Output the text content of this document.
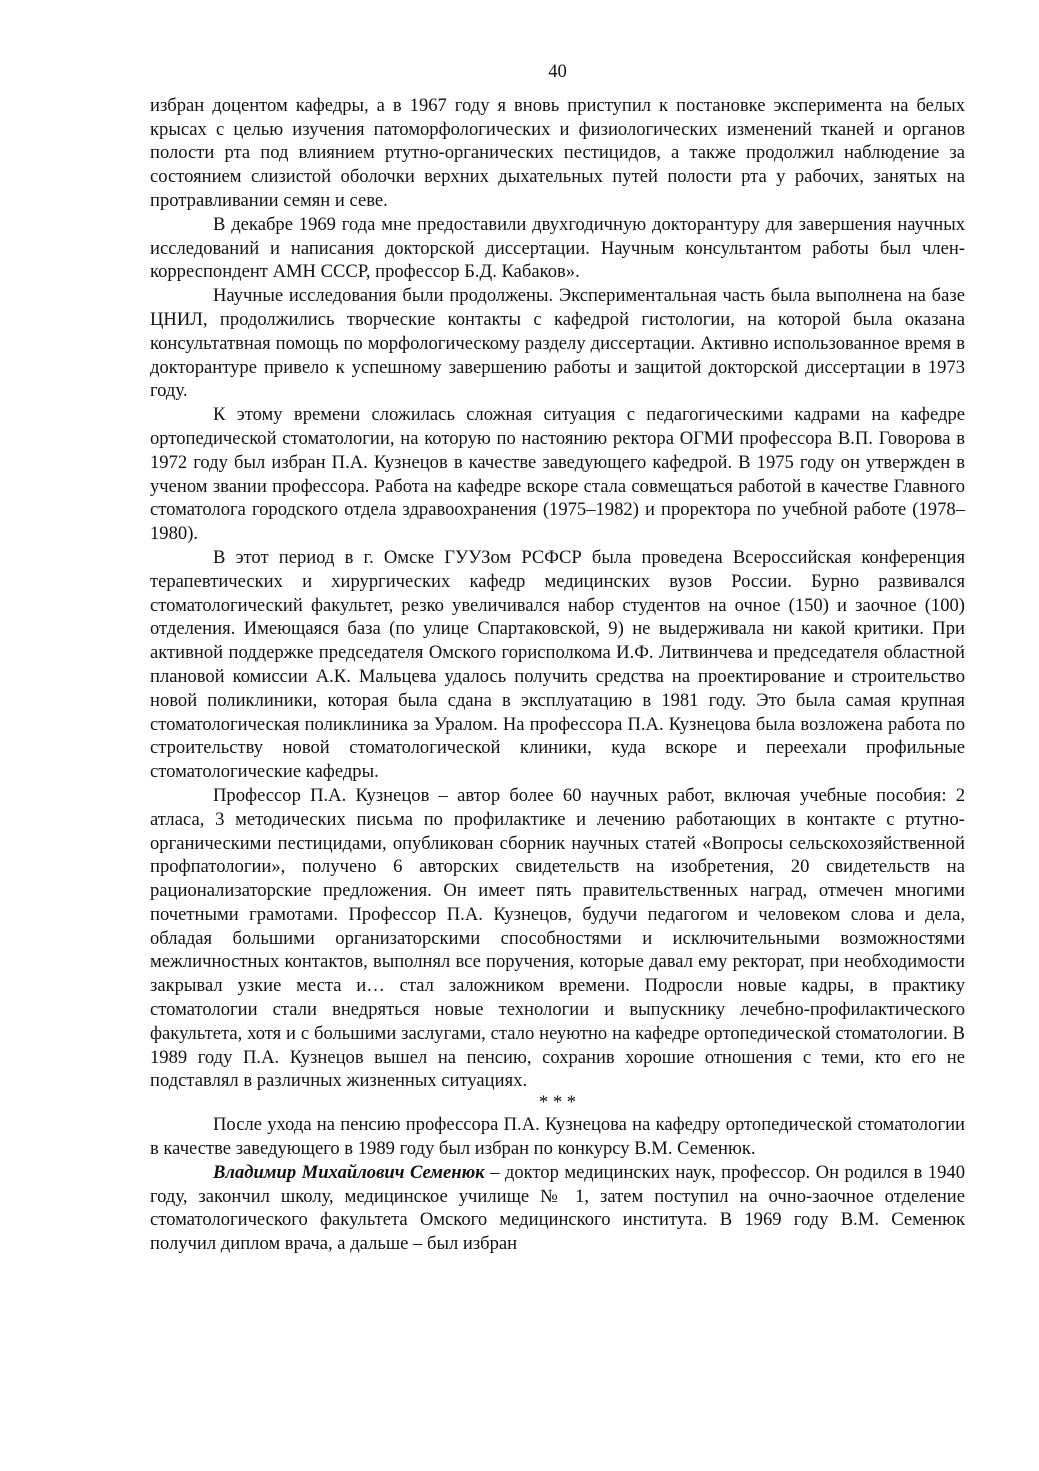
40

избран доцентом кафедры, а в 1967 году я вновь приступил к постановке эксперимента на белых крысах с целью изучения патоморфологических и физиологических изменений тканей и органов полости рта под влиянием ртутно-органических пестицидов, а также продолжил наблюдение за состоянием слизистой оболочки верхних дыхательных путей полости рта у рабочих, занятых на протравливании семян и севе.

В декабре 1969 года мне предоставили двухгодичную докторантуру для завершения научных исследований и написания докторской диссертации. Научным консультантом работы был член-корреспондент АМН СССР, профессор Б.Д. Кабаков».

Научные исследования были продолжены. Экспериментальная часть была выполнена на базе ЦНИЛ, продолжились творческие контакты с кафедрой гистологии, на которой была оказана консультатвная помощь по морфологическому разделу диссертации. Активно использованное время в докторантуре привело к успешному завершению работы и защитой докторской диссертации в 1973 году.

К этому времени сложилась сложная ситуация с педагогическими кадрами на кафедре ортопедической стоматологии, на которую по настоянию ректора ОГМИ профессора В.П. Говорова в 1972 году был избран П.А. Кузнецов в качестве заведующего кафедрой. В 1975 году он утвержден в ученом звании профессора. Работа на кафедре вскоре стала совмещаться работой в качестве Главного стоматолога городского отдела здравоохранения (1975–1982) и проректора по учебной работе (1978–1980).

В этот период в г. Омске ГУУЗом РСФСР была проведена Всероссийская конференция терапевтических и хирургических кафедр медицинских вузов России. Бурно развивался стоматологический факультет, резко увеличивался набор студентов на очное (150) и заочное (100) отделения. Имеющаяся база (по улице Спартаковской, 9) не выдерживала ни какой критики. При активной поддержке председателя Омского горисполкома И.Ф. Литвинчева и председателя областной плановой комиссии А.К. Мальцева удалось получить средства на проектирование и строительство новой поликлиники, которая была сдана в эксплуатацию в 1981 году. Это была самая крупная стоматологическая поликлиника за Уралом. На профессора П.А. Кузнецова была возложена работа по строительству новой стоматологической клиники, куда вскоре и переехали профильные стоматологические кафедры.

Профессор П.А. Кузнецов – автор более 60 научных работ, включая учебные пособия: 2 атласа, 3 методических письма по профилактике и лечению работающих в контакте с ртутно-органическими пестицидами, опубликован сборник научных статей «Вопросы сельскохозяйственной профпатологии», получено 6 авторских свидетельств на изобретения, 20 свидетельств на рационализаторские предложения. Он имеет пять правительственных наград, отмечен многими почетными грамотами. Профессор П.А. Кузнецов, будучи педагогом и человеком слова и дела, обладая большими организаторскими способностями и исключительными возможностями межличностных контактов, выполнял все поручения, которые давал ему ректорат, при необходимости закрывал узкие места и… стал заложником времени. Подросли новые кадры, в практику стоматологии стали внедряться новые технологии и выпускнику лечебно-профилактического факультета, хотя и с большими заслугами, стало неуютно на кафедре ортопедической стоматологии. В 1989 году П.А. Кузнецов вышел на пенсию, сохранив хорошие отношения с теми, кто его не подставлял в различных жизненных ситуациях.

* * *

После ухода на пенсию профессора П.А. Кузнецова на кафедру ортопедической стоматологии в качестве заведующего в 1989 году был избран по конкурсу В.М. Семенюк.

Владимир Михайлович Семенюк – доктор медицинских наук, профессор. Он родился в 1940 году, закончил школу, медицинское училище № 1, затем поступил на очно-заочное отделение стоматологического факультета Омского медицинского института. В 1969 году В.М. Семенюк получил диплом врача, а дальше – был избран
